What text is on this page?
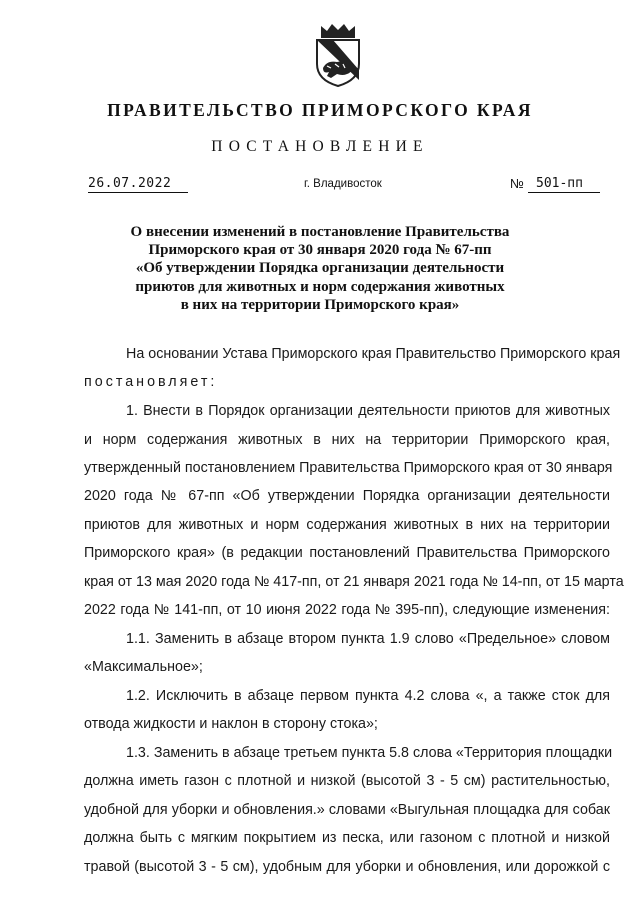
ПРАВИТЕЛЬСТВО ПРИМОРСКОГО КРАЯ
ПОСТАНОВЛЕНИЕ
26.07.2022	г. Владивосток	№ 501-пп
О внесении изменений в постановление Правительства
Приморского края от 30 января 2020 года № 67-пп
«Об утверждении Порядка организации деятельности
приютов для животных и норм содержания животных
в них на территории Приморского края»
На основании Устава Приморского края Правительство Приморского края
постановляет:
1. Внести в Порядок организации деятельности приютов для животных
и норм содержания животных в них на территории Приморского края,
утвержденный постановлением Правительства Приморского края от 30 января
2020 года № 67-пп «Об утверждении Порядка организации деятельности
приютов для животных и норм содержания животных в них на территории
Приморского края» (в редакции постановлений Правительства Приморского
края от 13 мая 2020 года № 417-пп, от 21 января 2021 года № 14-пп, от 15 марта
2022 года № 141-пп, от 10 июня 2022 года № 395-пп), следующие изменения:
1.1. Заменить в абзаце втором пункта 1.9 слово «Предельное» словом
«Максимальное»;
1.2. Исключить в абзаце первом пункта 4.2 слова «, а также сток для
отвода жидкости и наклон в сторону стока»;
1.3. Заменить в абзаце третьем пункта 5.8 слова «Территория площадки
должна иметь газон с плотной и низкой (высотой 3 - 5 см) растительностью,
удобной для уборки и обновления.» словами «Выгульная площадка для собак
должна быть с мягким покрытием из песка, или газоном с плотной и низкой
травой (высотой 3 - 5 см), удобным для уборки и обновления, или дорожкой с
